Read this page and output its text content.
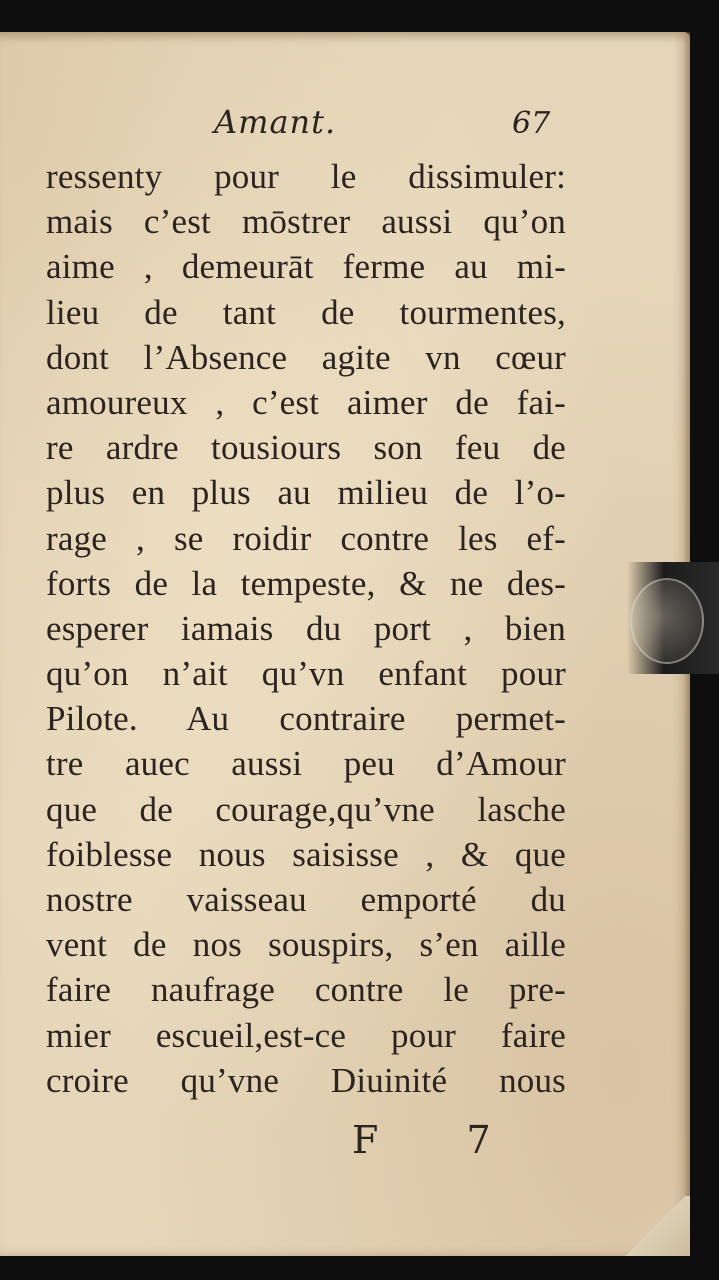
Amant.	67
ressenty pour le dissimuler:
mais c’est mōstrer aussi qu’on
aime , demeurāt ferme au mi-
lieu de tant de tourmentes,
dont l’Absence agite vn cœur
amoureux , c’est aimer de fai-
re ardre tousiours son feu de
plus en plus au milieu de l’o-
rage , se roidir contre les ef-
forts de la tempeste, & ne des-
esperer iamais du port , bien
qu’on n’ait qu’vn enfant pour
Pilote. Au contraire permet-
tre auec aussi peu d’Amour
que de courage,qu’vne lasche
foiblesse nous saisisse , & que
nostre vaisseau emporté du
vent de nos souspirs, s’en aille
faire naufrage contre le pre-
mier escueil,est-ce pour faire
croire qu’vne Diuinité nous
F 7
